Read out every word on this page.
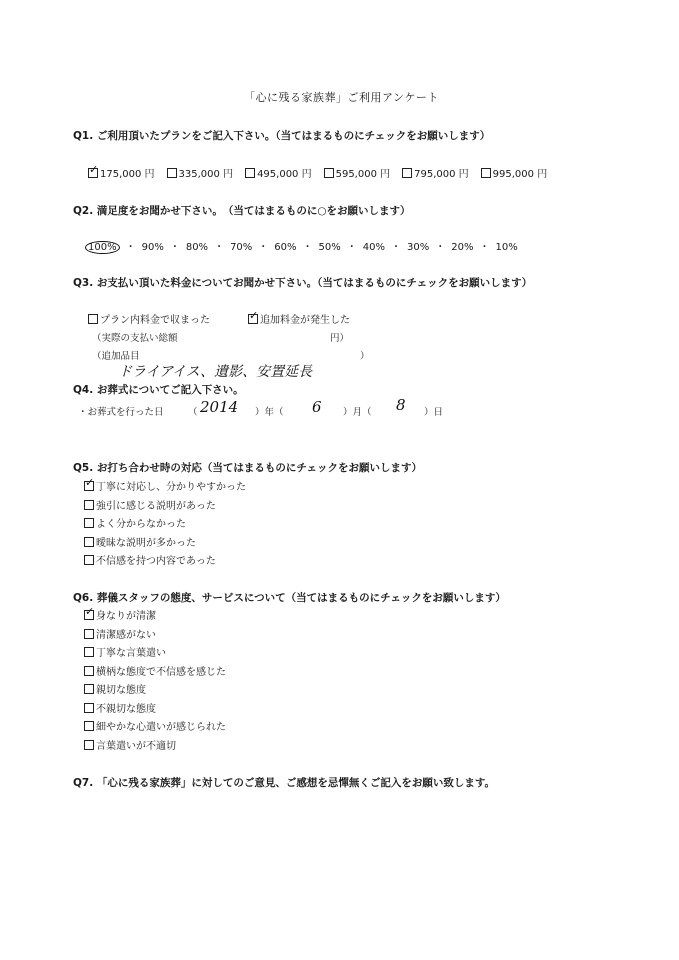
「心に残る家族葬」ご利用アンケート
Q1. ご利用頂いたプランをご記入下さい。（当てはまるものにチェックをお願いします）
✓175,000 円	335,000 円	495,000 円	595,000 円	795,000 円	995,000 円
Q2. 満足度をお聞かせ下さい。　（当てはまるものに○をお願いします）
100% ・ 90% ・ 80% ・ 70% ・ 60% ・ 50% ・ 40% ・ 30% ・ 20% ・ 10%
Q3. お支払い頂いた料金についてお聞かせ下さい。（当てはまるものにチェックをお願いします）
プラン内料金で収まった
✓	追加料金が発生した
（実際の支払い総額	円）
（追加品目	）
ドライアイス、遺影、安置延長
Q4. お葬式についてご記入下さい。
・お葬式を行った日	（ 2014 ）年（ 6 ）月（ 8 ）日
Q5. お打ち合わせ時の対応（当てはまるものにチェックをお願いします）
✓丁寧に対応し、分かりやすかった
強引に感じる説明があった
よく分からなかった
曖昧な説明が多かった
不信感を持つ内容であった
Q6. 葬儀スタッフの態度、サービスについて（当てはまるものにチェックをお願いします）
✓身なりが清潔
清潔感がない
丁寧な言葉遣い
横柄な態度で不信感を感じた
親切な態度
不親切な態度
細やかな心遣いが感じられた
言葉遣いが不適切
Q7. 「心に残る家族葬」に対してのご意見、ご感想を忌憚無くご記入をお願い致します。
